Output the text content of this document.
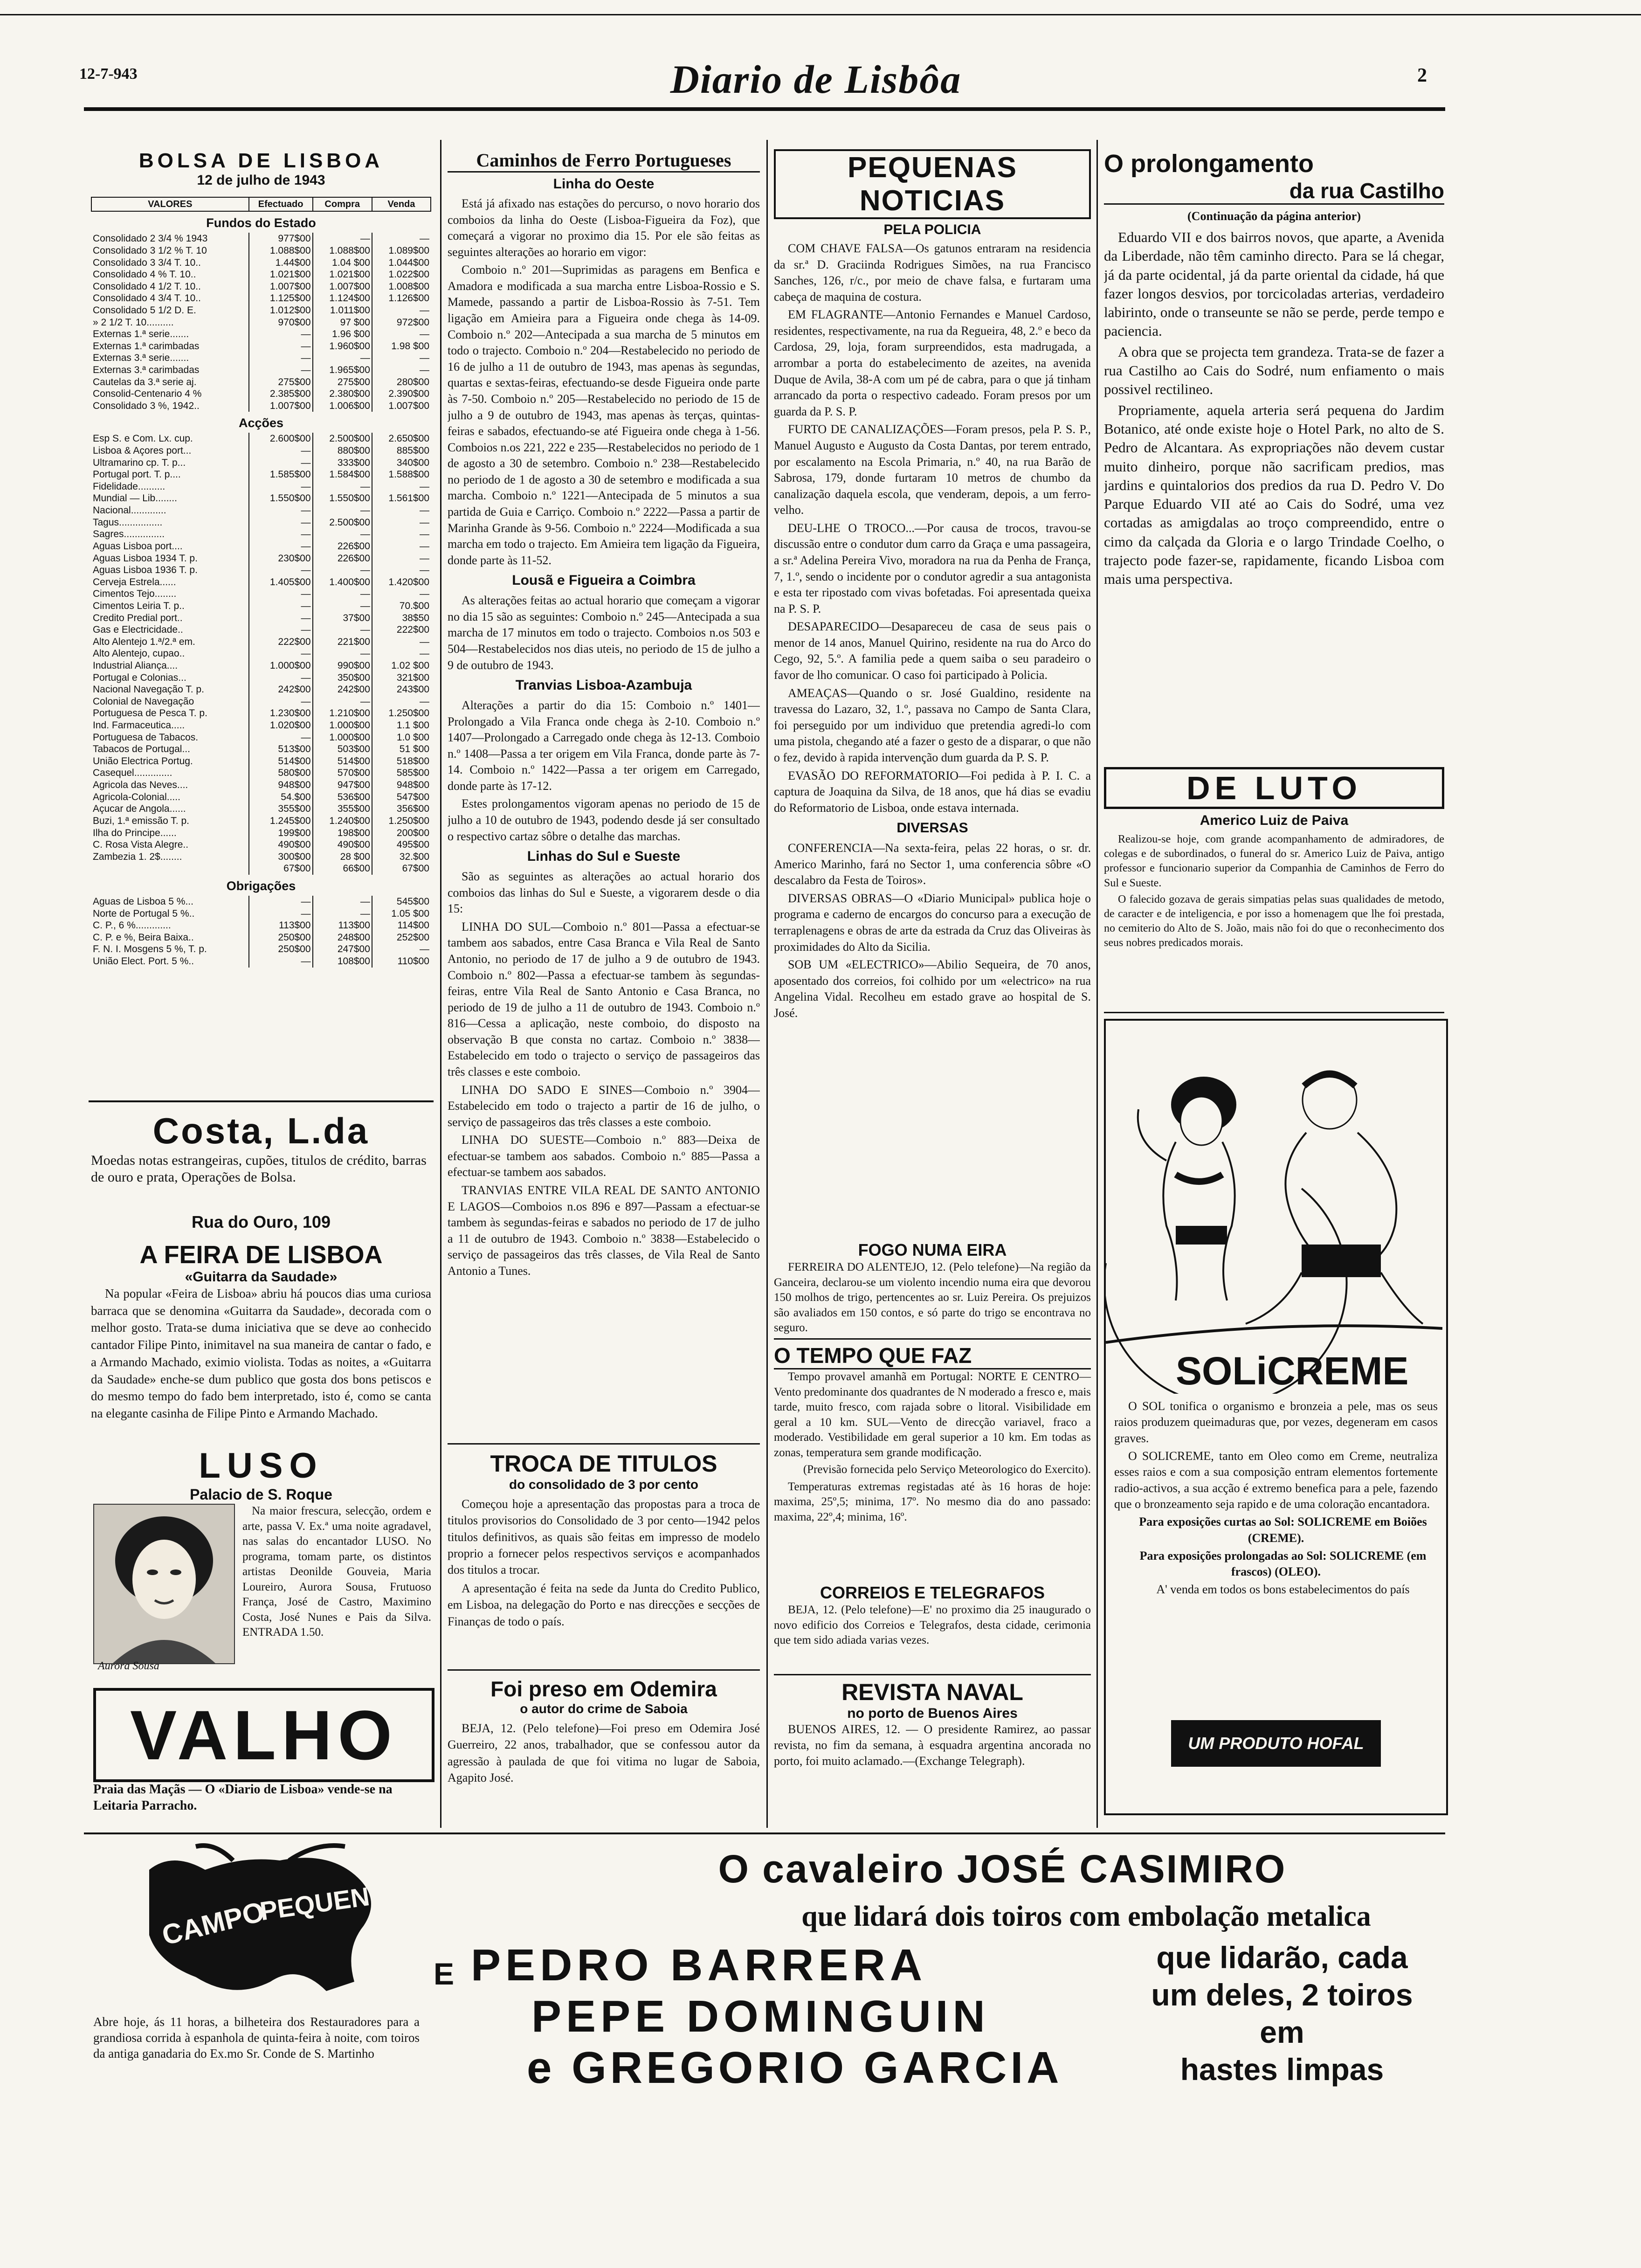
12-7-943	Diario de Lisbôa	2
BOLSA DE LISBOA
12 de julho de 1943
VALORES	Efectuado	Compra	Venda
Fundos do Estado			
Consolidado 2 3/4 % 1943	977$00	—	—
Consolidado 3 1/2 % T. 10	1.088$00	1.088$00	1.089$00
Consolidado 3 3/4 T. 10..	1.44$00	1.04 $00	1.044$00
Consolidado 4 % T. 10..	1.021$00	1.021$00	1.022$00
Consolidado 4 1/2 T. 10..	1.007$00	1.007$00	1.008$00
Consolidado 4 3/4 T. 10..	1.125$00	1.124$00	1.126$00
Consolidado 5 1/2 D. E.	1.012$00	1.011$00	—
» 2 1/2 T. 10..........	970$00	97 $00	972$00
Externas 1.ª serie.......	—	1.96 $00	—
Externas 1.ª carimbadas	—	1.960$00	1.98 $00
Externas 3.ª serie.......	—	—	—
Externas 3.ª carimbadas	—	1.965$00	—
Cautelas da 3.ª serie aj.	275$00	275$00	280$00
Consolid-Centenario 4 %	2.385$00	2.380$00	2.390$00
Consolidado 3 %, 1942..	1.007$00	1.006$00	1.007$00
Acções			
Esp S. e Com. Lx. cup.	2.600$00	2.500$00	2.650$00
Lisboa & Açores port...	—	880$00	885$00
Ultramarino cp. T. p...	—	333$00	340$00
Portugal port. T. p....	1.585$00	1.584$00	1.588$00
Fidelidade..........	—	—	—
Mundial — Lib........	1.550$00	1.550$00	1.561$00
Nacional.............	—	—	—
Tagus................	—	2.500$00	—
Sagres...............	—	—	—
Aguas Lisboa port....	—	226$00	—
Aguas Lisboa 1934 T. p.	230$00	226$00	—
Aguas Lisboa 1936 T. p.	—	—	—
Cerveja Estrela......	1.405$00	1.400$00	1.420$00
Cimentos Tejo........	—	—	—
Cimentos Leiria T. p..	—	—	70.$00
Credito Predial port..	—	37$00	38$50
Gas e Electricidade..	—	—	222$00
Alto Alentejo 1.ª/2.ª em.	222$00	221$00	—
Alto Alentejo, cupao..	—	—	—
Industrial Aliança....	1.000$00	990$00	1.02 $00
Portugal e Colonias...	—	350$00	321$00
Nacional Navegação T. p.	242$00	242$00	243$00
Colonial de Navegação	—	—	—
Portuguesa de Pesca T. p.	1.230$00	1.210$00	1.250$00
Ind. Farmaceutica.....	1.020$00	1.000$00	1.1 $00
Portuguesa de Tabacos.	—	1.000$00	1.0 $00
Tabacos de Portugal...	513$00	503$00	51 $00
União Electrica Portug.	514$00	514$00	518$00
Casequel..............	580$00	570$00	585$00
Agricola das Neves....	948$00	947$00	948$00
Agricola-Colonial.....	54.$00	536$00	547$00
Açucar de Angola......	355$00	355$00	356$00
Buzi, 1.ª emissão T. p.	1.245$00	1.240$00	1.250$00
Ilha do Principe......	199$00	198$00	200$00
C. Rosa Vista Alegre..	490$00	490$00	495$00
Zambezia 1. 2$........	300$00	28 $00	32.$00
	67$00	66$00	67$00
Obrigações			
Aguas de Lisboa 5 %...	—	—	545$00
Norte de Portugal 5 %..	—	—	1.05 $00
C. P., 6 %.............	113$00	113$00	114$00
C. P. e %, Beira Baixa..	250$00	248$00	252$00
F. N. I. Mosgens 5 %, T. p.	250$00	247$00	—
União Elect. Port. 5 %..	—	108$00	110$00
Costa, L.da
Moedas notas estrangeiras, cupões, titulos de crédito, barras de ouro e prata, Operações de Bolsa.
Rua do Ouro, 109
A FEIRA DE LISBOA
«Guitarra da Saudade»

Na popular «Feira de Lisboa» abriu há poucos dias uma curiosa barraca que se denomina «Guitarra da Saudade», decorada com o melhor gosto. Trata-se duma iniciativa que se deve ao conhecido cantador Filipe Pinto, inimitavel na sua maneira de cantar o fado, e a Armando Machado, eximio violista. Todas as noites, a «Guitarra da Saudade» enche-se dum publico que gosta dos bons petiscos e do mesmo tempo do fado bem interpretado, isto é, como se canta na elegante casinha de Filipe Pinto e Armando Machado.

LUSO
Palacio de S. Roque
Aurora Sousa

Na maior frescura, selecção, ordem e arte, passa V. Ex.ª uma noite agradavel, nas salas do encantador LUSO. No programa, tomam parte, os distintos artistas Deonilde Gouveia, Maria Loureiro, Aurora Sousa, Frutuoso França, José de Castro, Maximino Costa, José Nunes e Pais da Silva. ENTRADA 1.50.

VALHO
Praia das Maçãs — O «Diario de Lisboa» vende-se na Leitaria Parracho.
Caminhos de Ferro Portugueses
Linha do Oeste

Está já afixado nas estações do percurso, o novo horario dos comboios da linha do Oeste (Lisboa-Figueira da Foz), que começará a vigorar no proximo dia 15. Por ele são feitas as seguintes alterações ao horario em vigor:

Comboio n.º 201—Suprimidas as paragens em Benfica e Amadora e modificada a sua marcha entre Lisboa-Rossio e S. Mamede, passando a partir de Lisboa-Rossio às 7-51. Tem ligação em Amieira para a Figueira onde chega às 14-09. Comboio n.º 202—Antecipada a sua marcha de 5 minutos em todo o trajecto. Comboio n.º 204—Restabelecido no periodo de 16 de julho a 11 de outubro de 1943, mas apenas às segundas, quartas e sextas-feiras, efectuando-se desde Figueira onde parte às 7-50. Comboio n.º 205—Restabelecido no periodo de 15 de julho a 9 de outubro de 1943, mas apenas às terças, quintas-feiras e sabados, efectuando-se até Figueira onde chega à 1-56. Comboios n.os 221, 222 e 235—Restabelecidos no periodo de 1 de agosto a 30 de setembro. Comboio n.º 238—Restabelecido no periodo de 1 de agosto a 30 de setembro e modificada a sua marcha. Comboio n.º 1221—Antecipada de 5 minutos a sua partida de Guia e Carriço. Comboio n.º 2222—Passa a partir de Marinha Grande às 9-56. Comboio n.º 2224—Modificada a sua marcha em todo o trajecto. Em Amieira tem ligação da Figueira, donde parte às 11-52.

Lousã e Figueira a Coimbra

As alterações feitas ao actual horario que começam a vigorar no dia 15 são as seguintes: Comboio n.º 245—Antecipada a sua marcha de 17 minutos em todo o trajecto. Comboios n.os 503 e 504—Restabelecidos nos dias uteis, no periodo de 15 de julho a 9 de outubro de 1943.

Tranvias Lisboa-Azambuja

Alterações a partir do dia 15: Comboio n.º 1401—Prolongado a Vila Franca onde chega às 2-10. Comboio n.º 1407—Prolongado a Carregado onde chega às 12-13. Comboio n.º 1408—Passa a ter origem em Vila Franca, donde parte às 7-14. Comboio n.º 1422—Passa a ter origem em Carregado, donde parte às 17-12.

Estes prolongamentos vigoram apenas no periodo de 15 de julho a 10 de outubro de 1943, podendo desde já ser consultado o respectivo cartaz sôbre o detalhe das marchas.

Linhas do Sul e Sueste

São as seguintes as alterações ao actual horario dos comboios das linhas do Sul e Sueste, a vigorarem desde o dia 15:

LINHA DO SUL—Comboio n.º 801—Passa a efectuar-se tambem aos sabados, entre Casa Branca e Vila Real de Santo Antonio, no periodo de 17 de julho a 9 de outubro de 1943. Comboio n.º 802—Passa a efectuar-se tambem às segundas-feiras, entre Vila Real de Santo Antonio e Casa Branca, no periodo de 19 de julho a 11 de outubro de 1943. Comboio n.º 816—Cessa a aplicação, neste comboio, do disposto na observação B que consta no cartaz. Comboio n.º 3838—Estabelecido em todo o trajecto o serviço de passageiros das três classes e este comboio.

LINHA DO SADO E SINES—Comboio n.º 3904—Estabelecido em todo o trajecto a partir de 16 de julho, o serviço de passageiros das três classes a este comboio.

LINHA DO SUESTE—Comboio n.º 883—Deixa de efectuar-se tambem aos sabados. Comboio n.º 885—Passa a efectuar-se tambem aos sabados.

TRANVIAS ENTRE VILA REAL DE SANTO ANTONIO E LAGOS—Comboios n.os 896 e 897—Passam a efectuar-se tambem às segundas-feiras e sabados no periodo de 17 de julho a 11 de outubro de 1943. Comboio n.º 3838—Estabelecido o serviço de passageiros das três classes, de Vila Real de Santo Antonio a Tunes.

TROCA DE TITULOS
do consolidado de 3 por cento

Começou hoje a apresentação das propostas para a troca de titulos provisorios do Consolidado de 3 por cento—1942 pelos titulos definitivos, as quais são feitas em impresso de modelo proprio a fornecer pelos respectivos serviços e acompanhados dos titulos a trocar.

A apresentação é feita na sede da Junta do Credito Publico, em Lisboa, na delegação do Porto e nas direcções e secções de Finanças de todo o país.

Foi preso em Odemira
o autor do crime de Saboia

BEJA, 12. (Pelo telefone)—Foi preso em Odemira José Guerreiro, 22 anos, trabalhador, que se confessou autor da agressão à paulada de que foi vitima no lugar de Saboia, Agapito José.

PEQUENAS NOTICIAS
PELA POLICIA

COM CHAVE FALSA—Os gatunos entraram na residencia da sr.ª D. Graciinda Rodrigues Simões, na rua Francisco Sanches, 126, r/c., por meio de chave falsa, e furtaram uma cabeça de maquina de costura.

EM FLAGRANTE—Antonio Fernandes e Manuel Cardoso, residentes, respectivamente, na rua da Regueira, 48, 2.º e beco da Cardosa, 29, loja, foram surpreendidos, esta madrugada, a arrombar a porta do estabelecimento de azeites, na avenida Duque de Avila, 38-A com um pé de cabra, para o que já tinham arrancado da porta o respectivo cadeado. Foram presos por um guarda da P. S. P.

FURTO DE CANALIZAÇÕES—Foram presos, pela P. S. P., Manuel Augusto e Augusto da Costa Dantas, por terem entrado, por escalamento na Escola Primaria, n.º 40, na rua Barão de Sabrosa, 179, donde furtaram 10 metros de chumbo da canalização daquela escola, que venderam, depois, a um ferro-velho.

DEU-LHE O TROCO...—Por causa de trocos, travou-se discussão entre o condutor dum carro da Graça e uma passageira, a sr.ª Adelina Pereira Vivo, moradora na rua da Penha de França, 7, 1.º, sendo o incidente por o condutor agredir a sua antagonista e esta ter ripostado com vivas bofetadas. Foi apresentada queixa na P. S. P.

DESAPARECIDO—Desapareceu de casa de seus pais o menor de 14 anos, Manuel Quirino, residente na rua do Arco do Cego, 92, 5.º. A familia pede a quem saiba o seu paradeiro o favor de lho comunicar. O caso foi participado à Policia.

AMEAÇAS—Quando o sr. José Gualdino, residente na travessa do Lazaro, 32, 1.º, passava no Campo de Santa Clara, foi perseguido por um individuo que pretendia agredi-lo com uma pistola, chegando até a fazer o gesto de a disparar, o que não o fez, devido à rapida intervenção dum guarda da P. S. P.

EVASÃO DO REFORMATORIO—Foi pedida à P. I. C. a captura de Joaquina da Silva, de 18 anos, que há dias se evadiu do Reformatorio de Lisboa, onde estava internada.

DIVERSAS

CONFERENCIA—Na sexta-feira, pelas 22 horas, o sr. dr. Americo Marinho, fará no Sector 1, uma conferencia sôbre «O descalabro da Festa de Toiros».

DIVERSAS OBRAS—O «Diario Municipal» publica hoje o programa e caderno de encargos do concurso para a execução de terraplenagens e obras de arte da estrada da Cruz das Oliveiras às proximidades do Alto da Sicilia.

SOB UM «ELECTRICO»—Abilio Sequeira, de 70 anos, aposentado dos correios, foi colhido por um «electrico» na rua Angelina Vidal. Recolheu em estado grave ao hospital de S. José.

FOGO NUMA EIRA

FERREIRA DO ALENTEJO, 12. (Pelo telefone)—Na região da Ganceira, declarou-se um violento incendio numa eira que devorou 150 molhos de trigo, pertencentes ao sr. Luiz Pereira. Os prejuizos são avaliados em 150 contos, e só parte do trigo se encontrava no seguro.

O TEMPO QUE FAZ

Tempo provavel amanhã em Portugal: NORTE E CENTRO—Vento predominante dos quadrantes de N moderado a fresco e, mais tarde, muito fresco, com rajada sobre o litoral. Visibilidade em geral a 10 km. SUL—Vento de direcção variavel, fraco a moderado. Vestibilidade em geral superior a 10 km. Em todas as zonas, temperatura sem grande modificação.

(Previsão fornecida pelo Serviço Meteorologico do Exercito).

Temperaturas extremas registadas até às 16 horas de hoje: maxima, 25º,5; minima, 17º. No mesmo dia do ano passado: maxima, 22º,4; minima, 16º.

CORREIOS E TELEGRAFOS

BEJA, 12. (Pelo telefone)—E' no proximo dia 25 inaugurado o novo edificio dos Correios e Telegrafos, desta cidade, cerimonia que tem sido adiada varias vezes.

REVISTA NAVAL
no porto de Buenos Aires

BUENOS AIRES, 12. — O presidente Ramirez, ao passar revista, no fim da semana, à esquadra argentina ancorada no porto, foi muito aclamado.—(Exchange Telegraph).

O prolongamento
da rua Castilho
(Continuação da página anterior)

Eduardo VII e dos bairros novos, que aparte, a Avenida da Liberdade, não têm caminho directo. Para se lá chegar, já da parte ocidental, já da parte oriental da cidade, há que fazer longos desvios, por torcicoladas arterias, verdadeiro labirinto, onde o transeunte se não se perde, perde tempo e paciencia.

A obra que se projecta tem grandeza. Trata-se de fazer a rua Castilho ao Cais do Sodré, num enfiamento o mais possivel rectilineo.

Propriamente, aquela arteria será pequena do Jardim Botanico, até onde existe hoje o Hotel Park, no alto de S. Pedro de Alcantara. As expropriações não devem custar muito dinheiro, porque não sacrificam predios, mas jardins e quintalorios dos predios da rua D. Pedro V. Do Parque Eduardo VII até ao Cais do Sodré, uma vez cortadas as amigdalas ao troço compreendido, entre o cimo da calçada da Gloria e o largo Trindade Coelho, o trajecto pode fazer-se, rapidamente, ficando Lisboa com mais uma perspectiva.

DE LUTO
Americo Luiz de Paiva

Realizou-se hoje, com grande acompanhamento de admiradores, de colegas e de subordinados, o funeral do sr. Americo Luiz de Paiva, antigo professor e funcionario superior da Companhia de Caminhos de Ferro do Sul e Sueste.

O falecido gozava de gerais simpatias pelas suas qualidades de metodo, de caracter e de inteligencia, e por isso a homenagem que lhe foi prestada, no cemiterio do Alto de S. João, mais não foi do que o reconhecimento dos seus nobres predicados morais.

SOLiCREME

O SOL tonifica o organismo e bronzeia a pele, mas os seus raios produzem queimaduras que, por vezes, degeneram em casos graves.

O SOLICREME, tanto em Oleo como em Creme, neutraliza esses raios e com a sua composição entram elementos fortemente radio-activos, a sua acção é extremo benefica para a pele, fazendo que o bronzeamento seja rapido e de uma coloração encantadora.

Para exposições curtas ao Sol: SOLICREME em Boiões (CREME).

Para exposições prolongadas ao Sol: SOLICREME (em frascos) (OLEO).

A' venda em todos os bons estabelecimentos do país

UM PRODUTO HOFAL
CAMPO
PEQUENO
Abre hoje, ás 11 horas, a bilheteira dos Restauradores para a grandiosa corrida à espanhola de quinta-feira à noite, com toiros da antiga ganadaria do Ex.mo Sr. Conde de S. Martinho
O cavaleiro JOSÉ CASIMIRO
que lidará dois toiros com embolação metalica
E PEDRO BARRERA
PEPE DOMINGUIN
e GREGORIO GARCIA
que lidarão, cada
um deles, 2 toiros
em
hastes limpas
